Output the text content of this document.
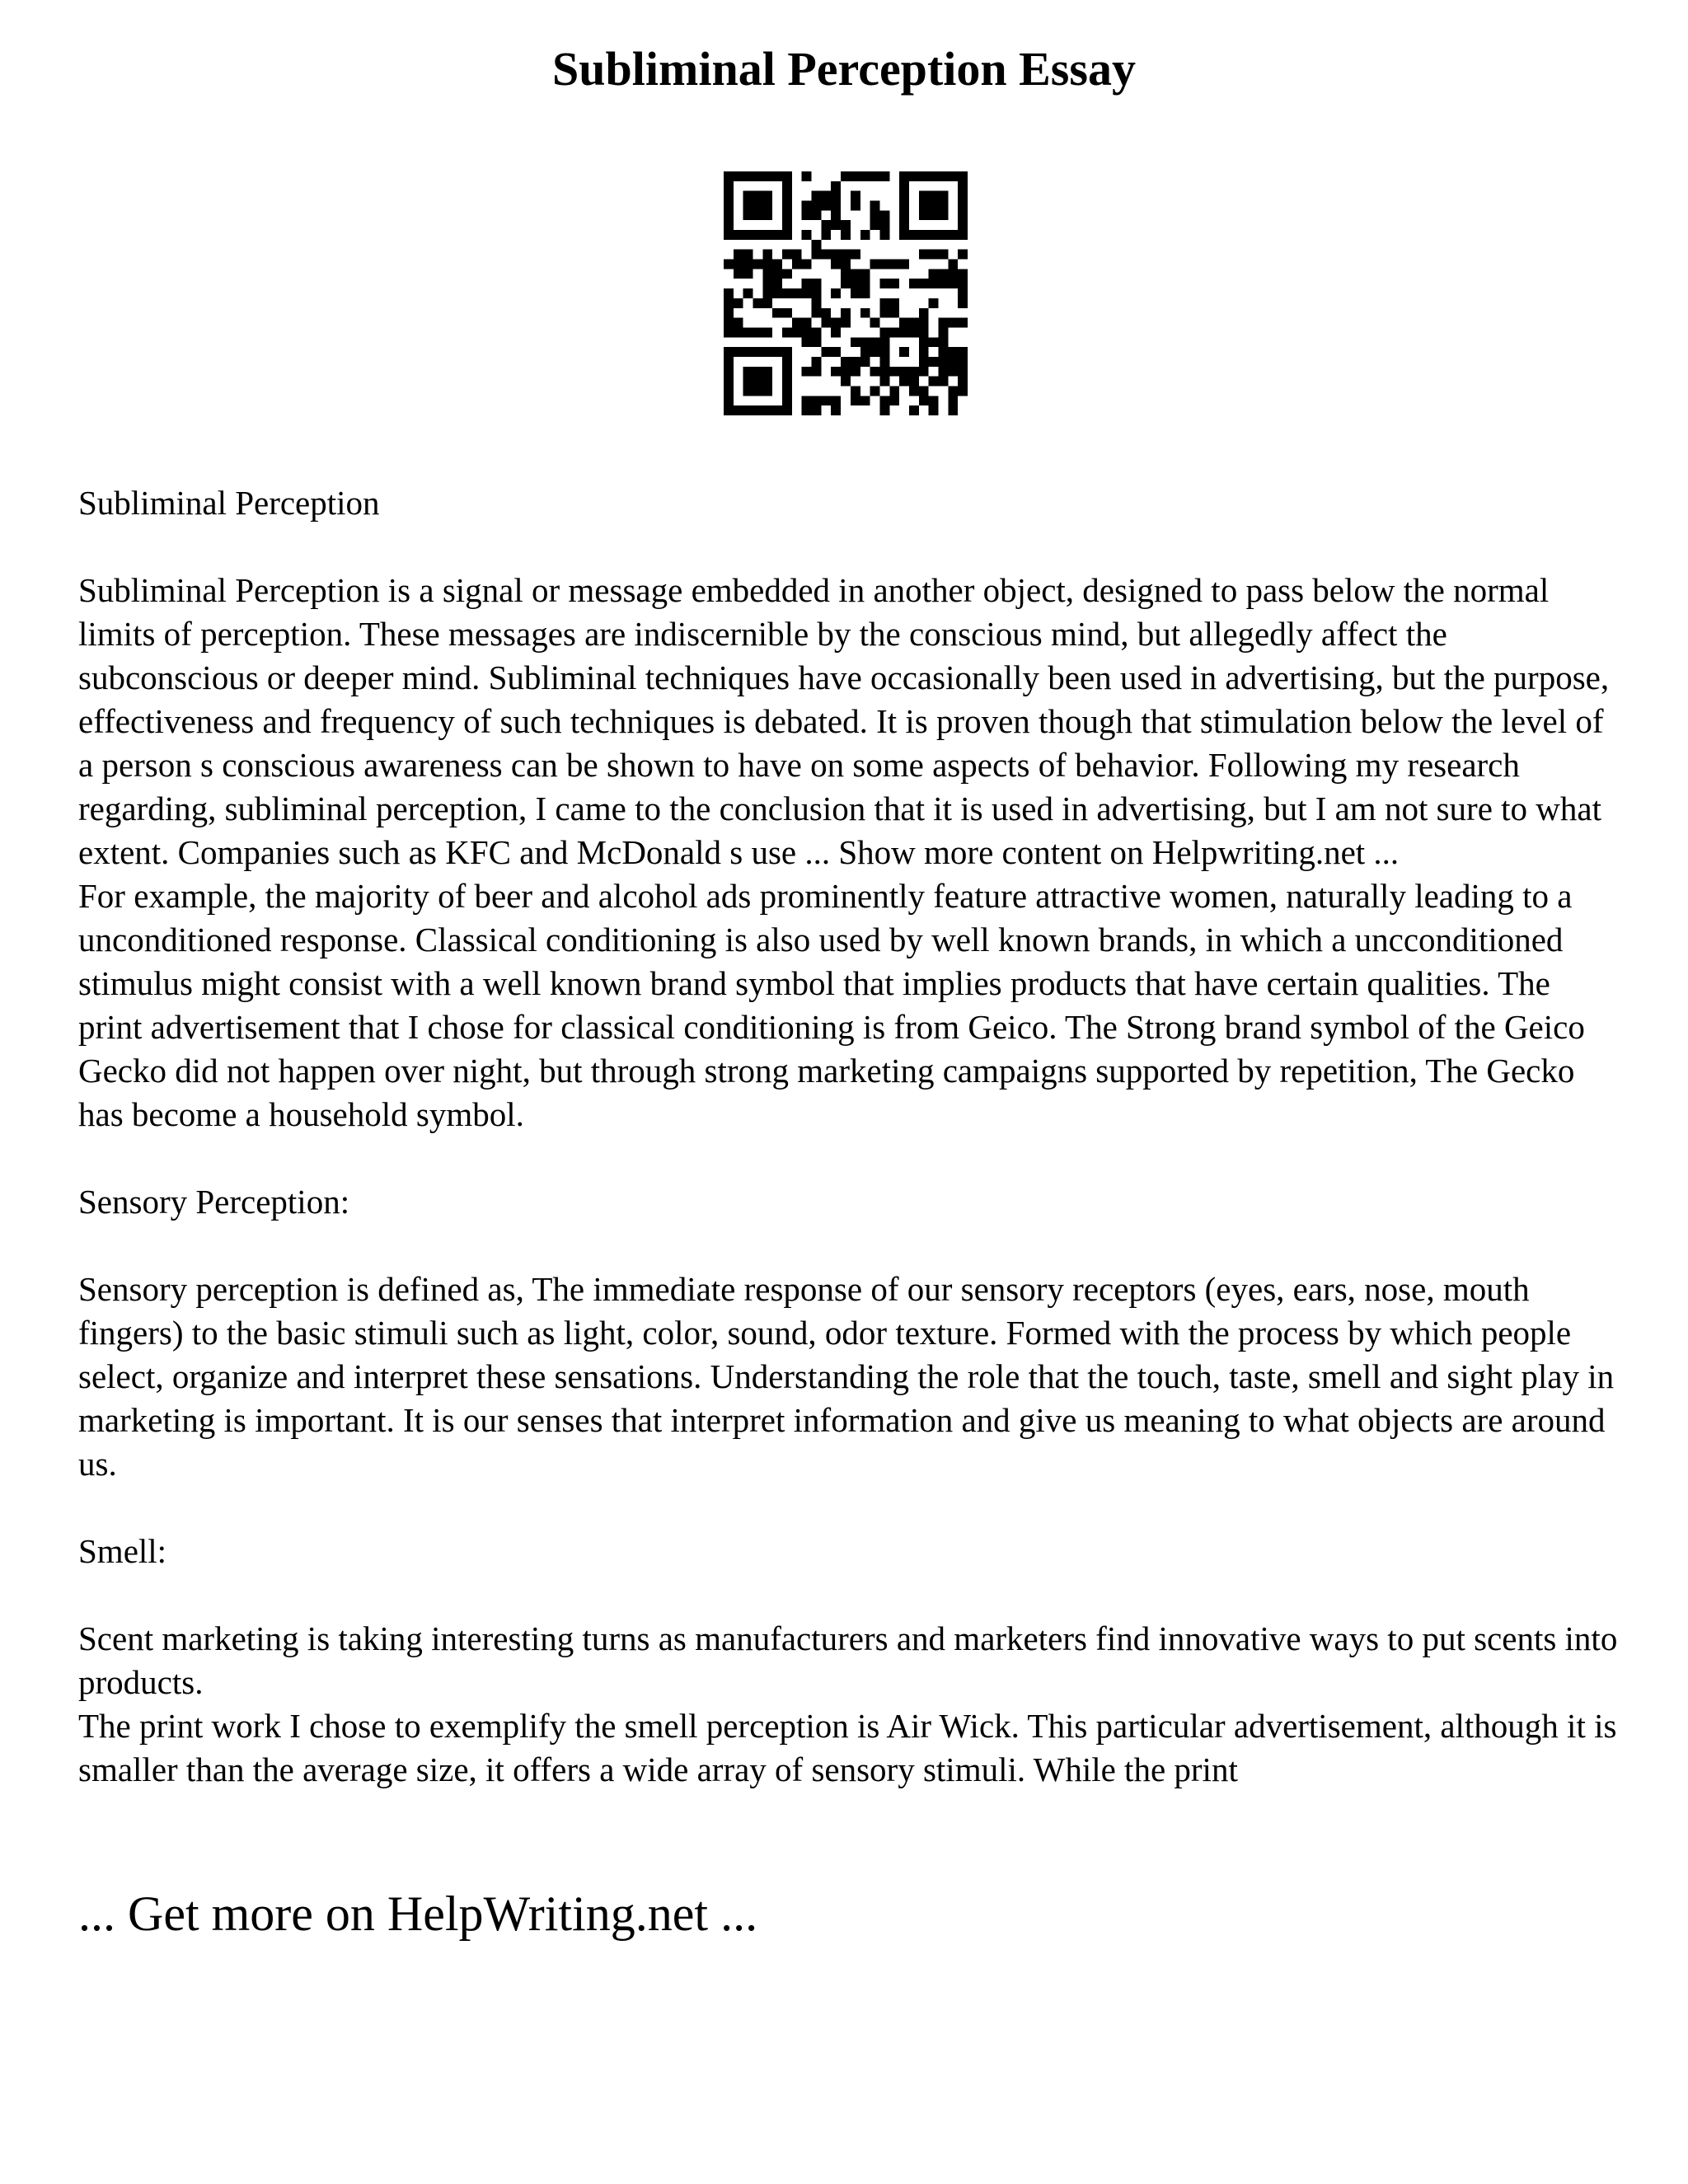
Subliminal Perception Essay

Subliminal Perception

Subliminal Perception is a signal or message embedded in another object, designed to pass below the normal limits of perception. These messages are indiscernible by the conscious mind, but allegedly affect the subconscious or deeper mind. Subliminal techniques have occasionally been used in advertising, but the purpose, effectiveness and frequency of such techniques is debated. It is proven though that stimulation below the level of a person s conscious awareness can be shown to have on some aspects of behavior. Following my research regarding, subliminal perception, I came to the conclusion that it is used in advertising, but I am not sure to what extent. Companies such as KFC and McDonald s use ... Show more content on Helpwriting.net ...

For example, the majority of beer and alcohol ads prominently feature attractive women, naturally leading to a unconditioned response. Classical conditioning is also used by well known brands, in which a uncconditioned stimulus might consist with a well known brand symbol that implies products that have certain qualities. The print advertisement that I chose for classical conditioning is from Geico. The Strong brand symbol of the Geico Gecko did not happen over night, but through strong marketing campaigns supported by repetition, The Gecko has become a household symbol.

Sensory Perception:

Sensory perception is defined as, The immediate response of our sensory receptors (eyes, ears, nose, mouth fingers) to the basic stimuli such as light, color, sound, odor texture. Formed with the process by which people select, organize and interpret these sensations. Understanding the role that the touch, taste, smell and sight play in marketing is important. It is our senses that interpret information and give us meaning to what objects are around us.

Smell:

Scent marketing is taking interesting turns as manufacturers and marketers find innovative ways to put scents into products.

The print work I chose to exemplify the smell perception is Air Wick. This particular advertisement, although it is smaller than the average size, it offers a wide array of sensory stimuli. While the print

... Get more on HelpWriting.net ...
